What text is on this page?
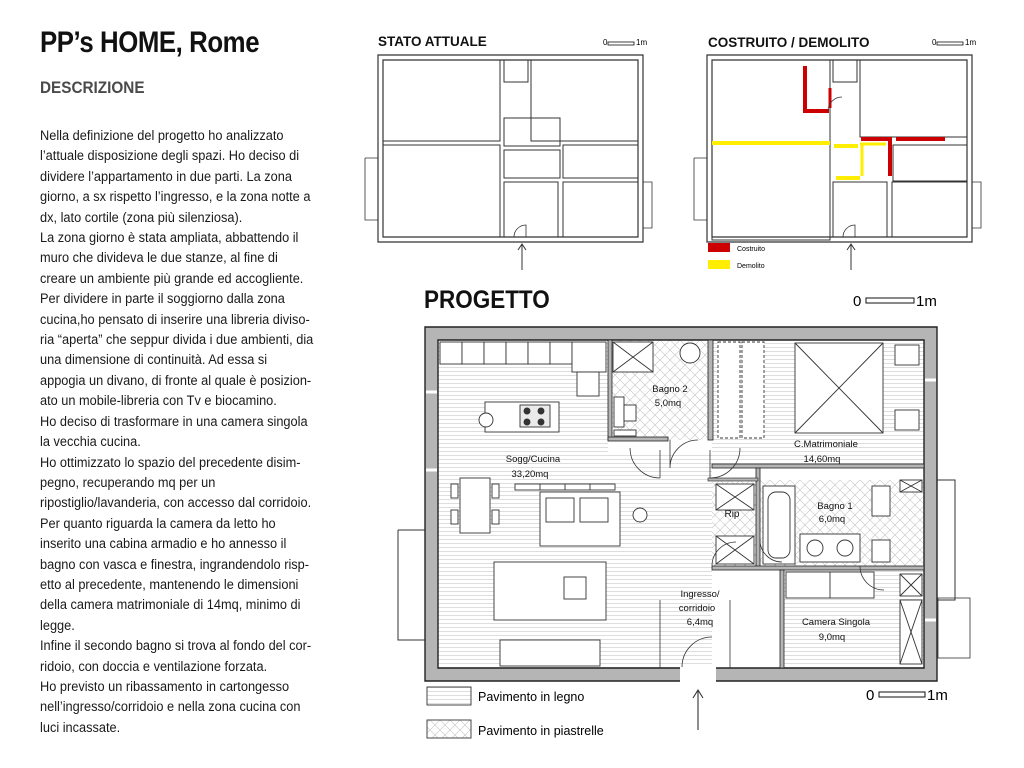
PP’s HOME, Rome
DESCRIZIONE
Nella definizione del progetto ho analizzato
l’attuale disposizione degli spazi. Ho deciso di
dividere l’appartamento in due parti. La zona
giorno, a sx rispetto l’ingresso, e la zona notte a
dx, lato cortile (zona più silenziosa).
La zona giorno è stata ampliata, abbattendo il
muro che divideva le due stanze, al fine di
creare un ambiente più grande ed accogliente.
Per dividere in parte il soggiorno dalla zona
cucina,ho pensato di inserire una libreria diviso-
ria “aperta” che seppur divida i due ambienti, dia
una dimensione di continuità. Ad essa si
appogia un divano, di fronte al quale è posizion-
ato un mobile-libreria con Tv e biocamino.
Ho deciso di trasformare in una camera singola
la vecchia cucina.
Ho ottimizzato lo spazio del precedente disim-
pegno, recuperando mq per un
ripostiglio/lavanderia, con accesso dal corridoio.
Per quanto riguarda la camera da letto ho
inserito una cabina armadio e ho annesso il
bagno con vasca e finestra, ingrandendolo risp-
etto al precedente, mantenendo le dimensioni
della camera matrimoniale di 14mq, minimo di
legge.
Infine il secondo bagno si trova al fondo del cor-
ridoio, con doccia e ventilazione forzata.
Ho previsto un ribassamento in cartongesso
nell’ingresso/corridoio e nella zona cucina con
luci incassate.
STATO ATTUALE	0	1m	COSTRUITO / DEMOLITO	0	1m
Costruito
Demolito
PROGETTO	0	1m
Bagno 2
5,0mq
C.Matrimoniale
14,60mq
Sogg/Cucina
33,20mq
Bagno 1
6,0mq
Rip
Ingresso/
corridoio
6,4mq	Camera Singola
9,0mq
Pavimento in legno
Pavimento in piastrelle
0	1m
